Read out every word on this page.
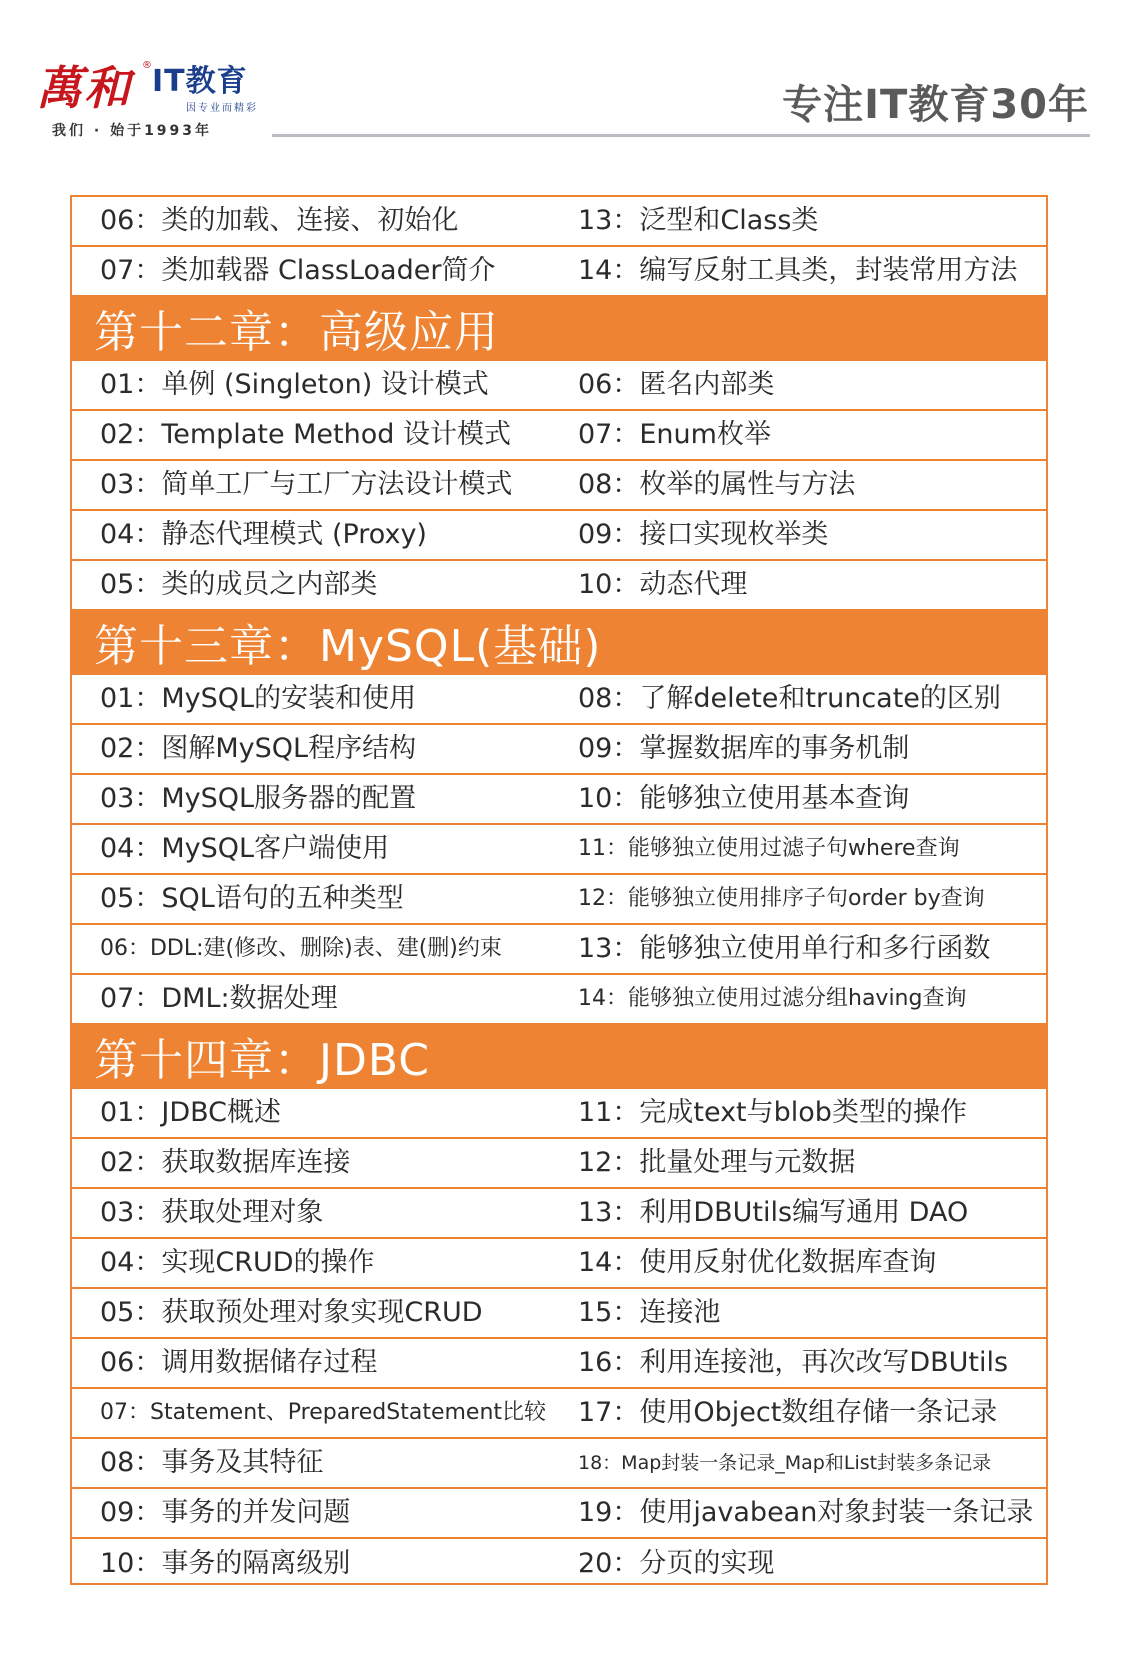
萬和 ® IT教育
因专业而精彩
我们 · 始于1993年
专注IT教育30年
06：类的加载、连接、初始化	13：泛型和Class类
07：类加载器 ClassLoader简介	14：编写反射工具类，封装常用方法
第十二章：高级应用
01：单例 (Singleton) 设计模式	06：匿名内部类
02：Template Method 设计模式	07：Enum枚举
03：简单工厂与工厂方法设计模式	08：枚举的属性与方法
04：静态代理模式 (Proxy)	09：接口实现枚举类
05：类的成员之内部类	10：动态代理
第十三章：MySQL(基础)
01：MySQL的安装和使用	08：了解delete和truncate的区别
02：图解MySQL程序结构	09：掌握数据库的事务机制
03：MySQL服务器的配置	10：能够独立使用基本查询
04：MySQL客户端使用	11：能够独立使用过滤子句where查询
05：SQL语句的五种类型	12：能够独立使用排序子句order by查询
06：DDL:建(修改、删除)表、建(删)约束	13：能够独立使用单行和多行函数
07：DML:数据处理	14：能够独立使用过滤分组having查询
第十四章：JDBC
01：JDBC概述	11：完成text与blob类型的操作
02：获取数据库连接	12：批量处理与元数据
03：获取处理对象	13：利用DBUtils编写通用 DAO
04：实现CRUD的操作	14：使用反射优化数据库查询
05：获取预处理对象实现CRUD	15：连接池
06：调用数据储存过程	16：利用连接池，再次改写DBUtils
07：Statement、PreparedStatement比较	17：使用Object数组存储一条记录
08：事务及其特征	18：Map封装一条记录_Map和List封装多条记录
09：事务的并发问题	19：使用javabean对象封装一条记录
10：事务的隔离级别	20：分页的实现
